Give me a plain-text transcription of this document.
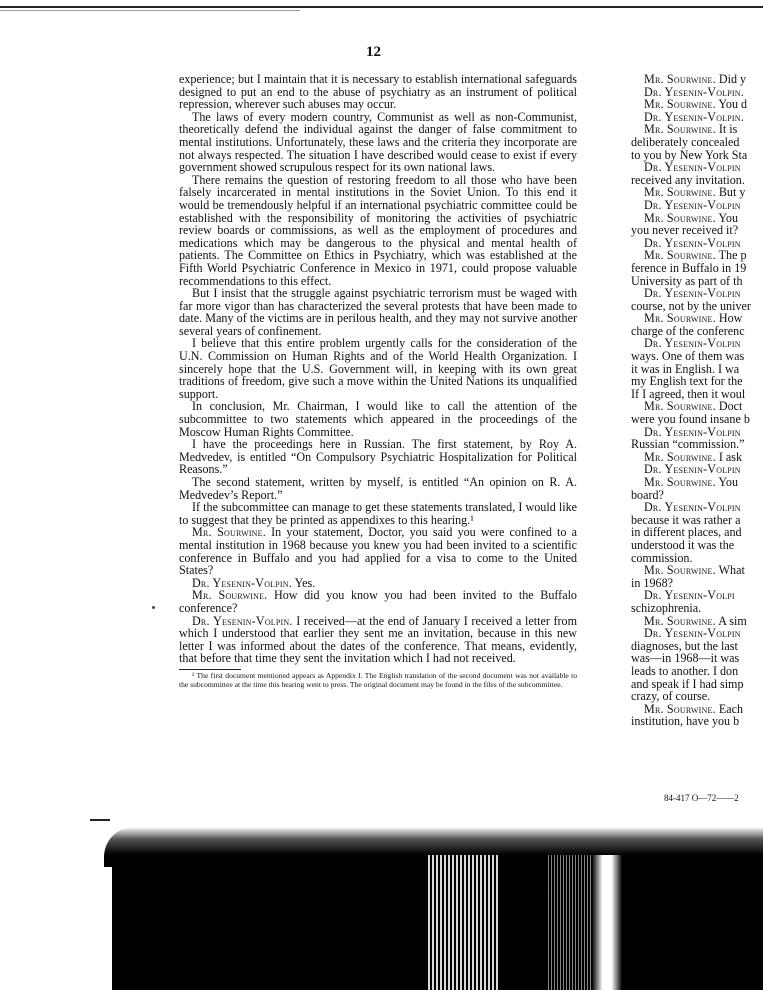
12

experience; but I maintain that it is necessary to establish international safeguards designed to put an end to the abuse of psychiatry as an instrument of political repression, wherever such abuses may occur.

The laws of every modern country, Communist as well as non-Communist, theoretically defend the individual against the danger of false commitment to mental institutions. Unfortunately, these laws and the criteria they incorporate are not always respected. The situation I have described would cease to exist if every government showed scrupulous respect for its own national laws.

There remains the question of restoring freedom to all those who have been falsely incarcerated in mental institutions in the Soviet Union. To this end it would be tremendously helpful if an international psychiatric committee could be established with the responsibility of monitoring the activities of psychiatric review boards or commissions, as well as the employment of procedures and medications which may be dangerous to the physical and mental health of patients. The Committee on Ethics in Psychiatry, which was established at the Fifth World Psychiatric Conference in Mexico in 1971, could propose valuable recommendations to this effect.

But I insist that the struggle against psychiatric terrorism must be waged with far more vigor than has characterized the several protests that have been made to date. Many of the victims are in perilous health, and they may not survive another several years of confinement.

I believe that this entire problem urgently calls for the consideration of the U.N. Commission on Human Rights and of the World Health Organization. I sincerely hope that the U.S. Government will, in keeping with its own great traditions of freedom, give such a move within the United Nations its unqualified support.

In conclusion, Mr. Chairman, I would like to call the attention of the subcommittee to two statements which appeared in the proceedings of the Moscow Human Rights Committee.

I have the proceedings here in Russian. The first statement, by Roy A. Medvedev, is entitled “On Compulsory Psychiatric Hospitalization for Political Reasons.”

The second statement, written by myself, is entitled “An opinion on R. A. Medvedev’s Report.”

If the subcommittee can manage to get these statements translated, I would like to suggest that they be printed as appendixes to this hearing.¹

Mr. Sourwine. In your statement, Doctor, you said you were confined to a mental institution in 1968 because you knew you had been invited to a scientific conference in Buffalo and you had applied for a visa to come to the United States?

Dr. Yesenin-Volpin. Yes.

Mr. Sourwine. How did you know you had been invited to the Buffalo conference?

Dr. Yesenin-Volpin. I received—at the end of January I received a letter from which I understood that earlier they sent me an invitation, because in this new letter I was informed about the dates of the conference. That means, evidently, that before that time they sent the invitation which I had not received.

¹ The first document mentioned appears as Appendix I. The English translation of the second document was not available to the subcommittee at the time this hearing went to press. The original document may be found in the files of the subcommittee.

Mr. Sourwine. Did y

Dr. Yesenin-Volpin.

Mr. Sourwine. You d

Dr. Yesenin-Volpin.

Mr. Sourwine. It is

deliberately concealed

to you by New York Sta

Dr. Yesenin-Volpin

received any invitation.

Mr. Sourwine. But y

Dr. Yesenin-Volpin

Mr. Sourwine. You

you never received it?

Dr. Yesenin-Volpin

Mr. Sourwine. The p

ference in Buffalo in 19

University as part of th

Dr. Yesenin-Volpin

course, not by the univer

Mr. Sourwine. How

charge of the conferenc

Dr. Yesenin-Volpin

ways. One of them was

it was in English. I wa

my English text for the

If I agreed, then it woul

Mr. Sourwine. Doct

were you found insane b

Dr. Yesenin-Volpin

Russian “commission.”

Mr. Sourwine. I ask

Dr. Yesenin-Volpin

Mr. Sourwine. You

board?

Dr. Yesenin-Volpin

because it was rather a

in different places, and

understood it was the

commission.

Mr. Sourwine. What

in 1968?

Dr. Yesenin-Volpi

schizophrenia.

Mr. Sourwine. A sim

Dr. Yesenin-Volpin

diagnoses, but the last

was—in 1968—it was

leads to another. I don

and speak if I had simp

crazy, of course.

Mr. Sourwine. Each

institution, have you b

84-417 O—72——2
